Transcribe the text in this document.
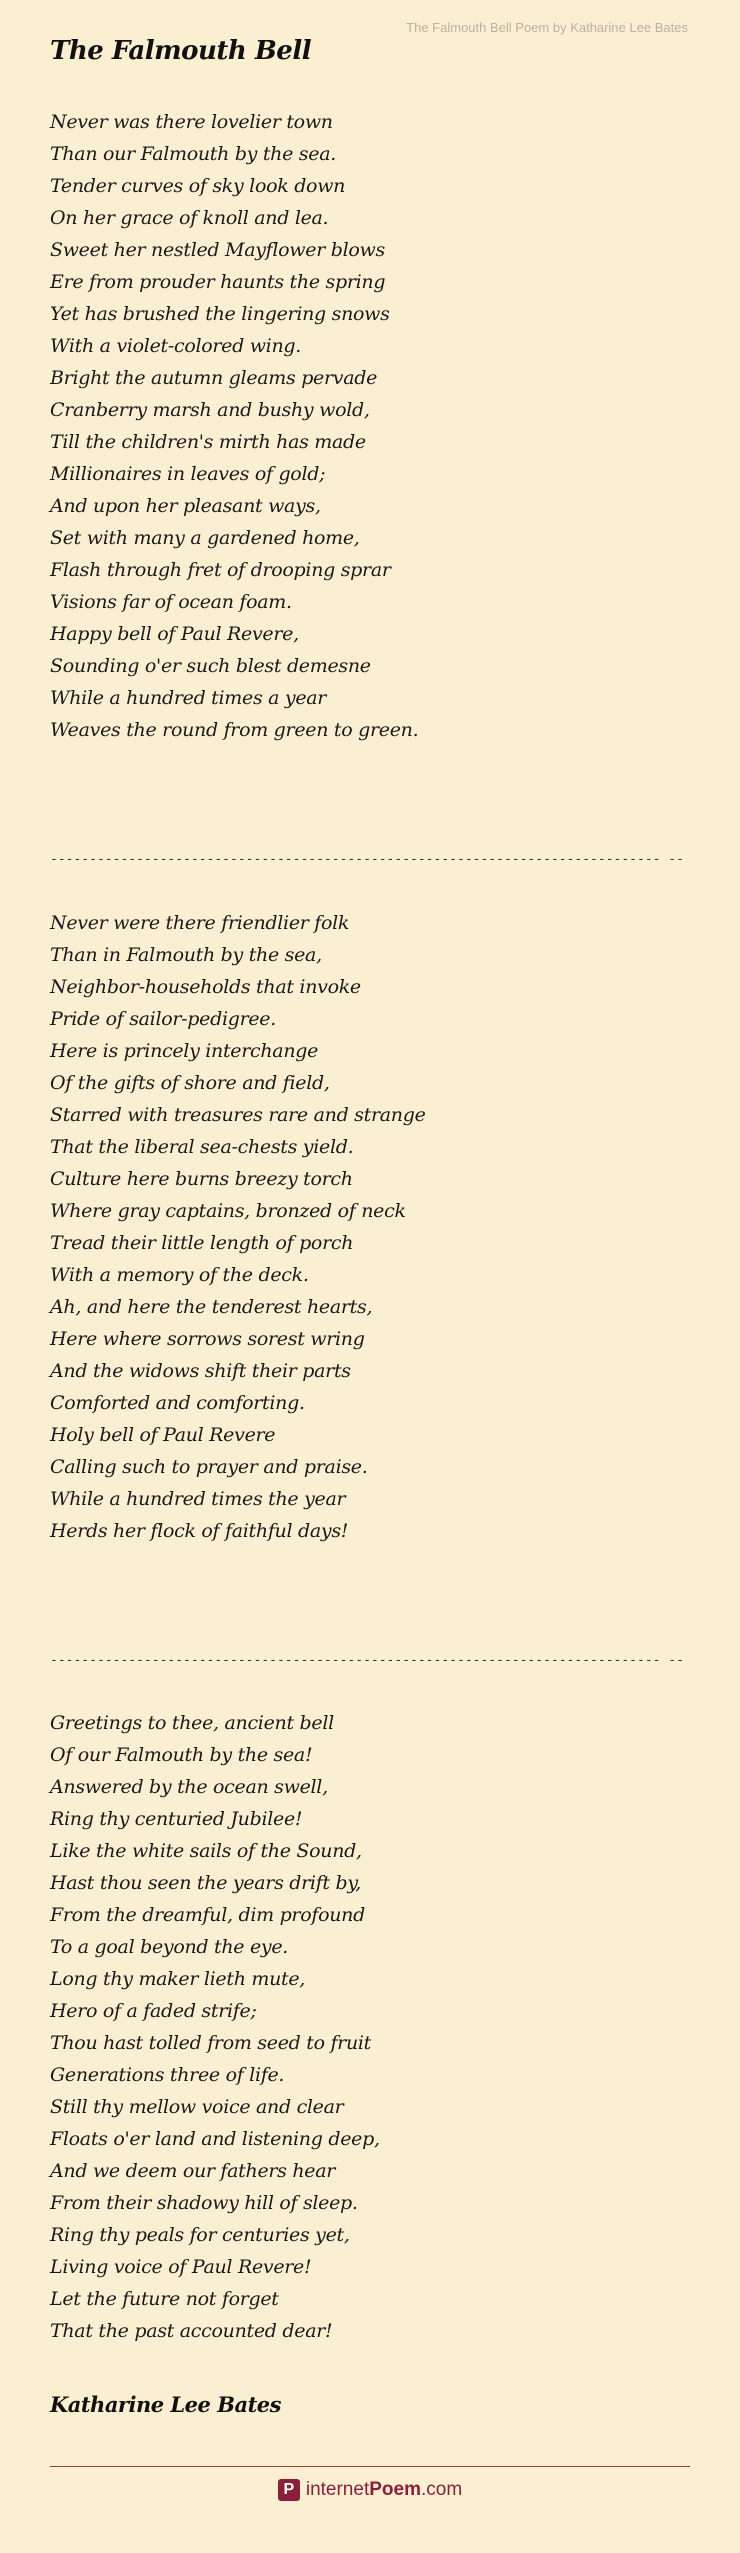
The Falmouth Bell Poem by Katharine Lee Bates
The Falmouth Bell
Never was there lovelier town
Than our Falmouth by the sea.
Tender curves of sky look down
On her grace of knoll and lea.
Sweet her nestled Mayflower blows
Ere from prouder haunts the spring
Yet has brushed the lingering snows
With a violet-colored wing.
Bright the autumn gleams pervade
Cranberry marsh and bushy wold,
Till the children's mirth has made
Millionaires in leaves of gold;
And upon her pleasant ways,
Set with many a gardened home,
Flash through fret of drooping sprar
Visions far of ocean foam.
Happy bell of Paul Revere,
Sounding o'er such blest demesne
While a hundred times a year
Weaves the round from green to green.
------------------------------------------------------------------------------ --
Never were there friendlier folk
Than in Falmouth by the sea,
Neighbor-households that invoke
Pride of sailor-pedigree.
Here is princely interchange
Of the gifts of shore and field,
Starred with treasures rare and strange
That the liberal sea-chests yield.
Culture here burns breezy torch
Where gray captains, bronzed of neck
Tread their little length of porch
With a memory of the deck.
Ah, and here the tenderest hearts,
Here where sorrows sorest wring
And the widows shift their parts
Comforted and comforting.
Holy bell of Paul Revere
Calling such to prayer and praise.
While a hundred times the year
Herds her flock of faithful days!
------------------------------------------------------------------------------ --
Greetings to thee, ancient bell
Of our Falmouth by the sea!
Answered by the ocean swell,
Ring thy centuried Jubilee!
Like the white sails of the Sound,
Hast thou seen the years drift by,
From the dreamful, dim profound
To a goal beyond the eye.
Long thy maker lieth mute,
Hero of a faded strife;
Thou hast tolled from seed to fruit
Generations three of life.
Still thy mellow voice and clear
Floats o'er land and listening deep,
And we deem our fathers hear
From their shadowy hill of sleep.
Ring thy peals for centuries yet,
Living voice of Paul Revere!
Let the future not forget
That the past accounted dear!
Katharine Lee Bates
P internetPoem.com
